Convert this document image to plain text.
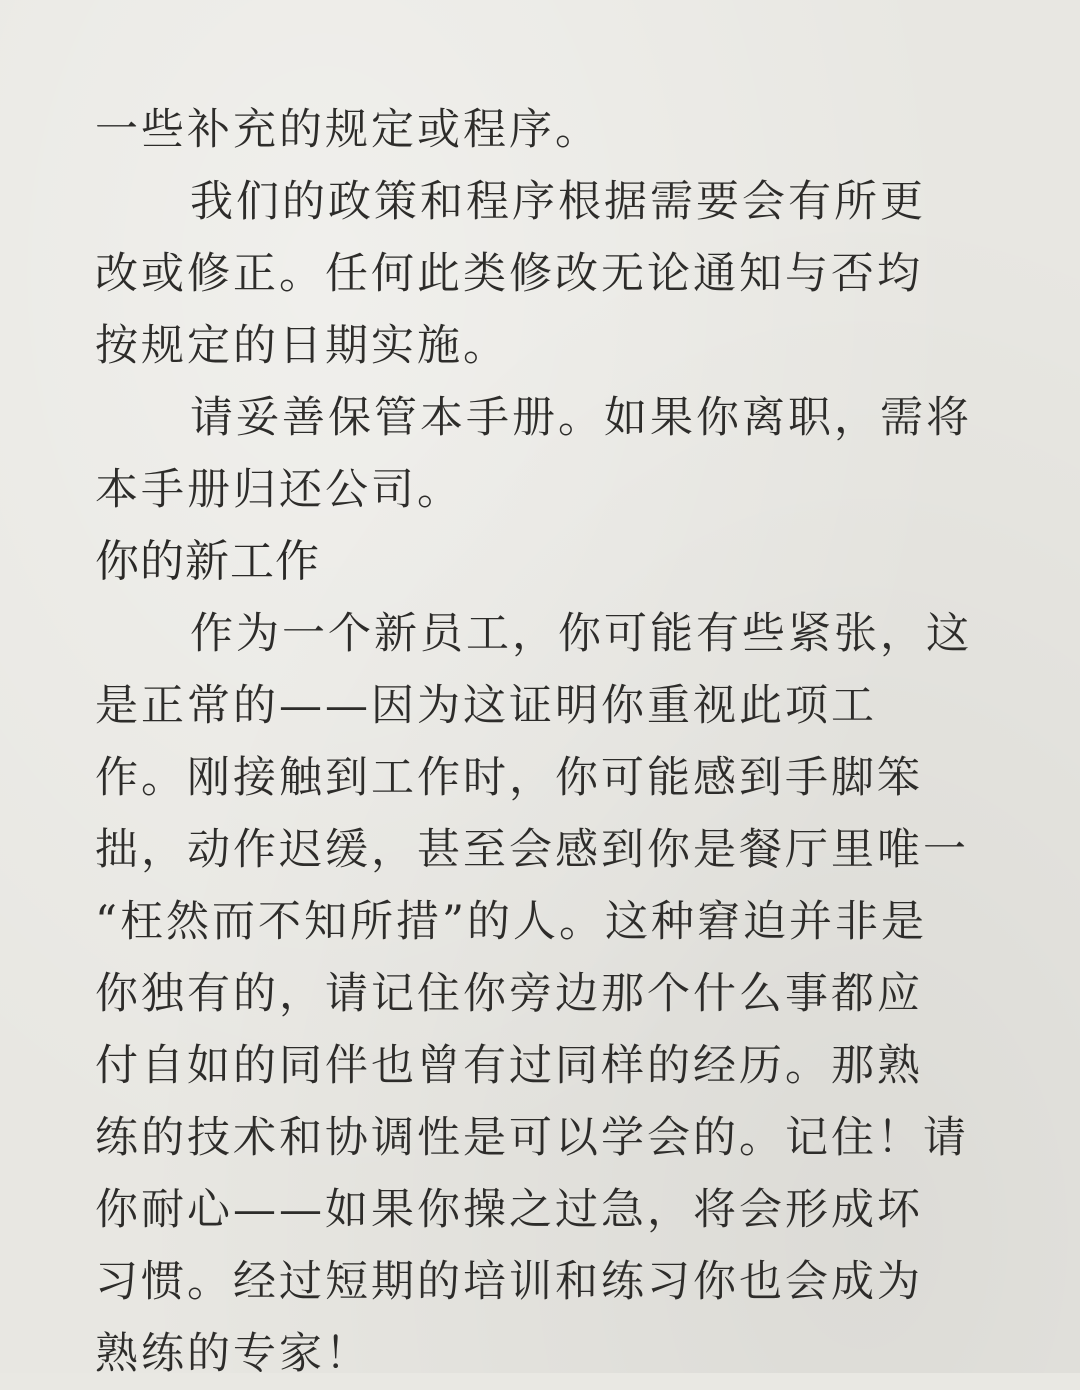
一些补充的规定或程序。
我们的政策和程序根据需要会有所更
改或修正。任何此类修改无论通知与否均
按规定的日期实施。
请妥善保管本手册。如果你离职，需将
本手册归还公司。
你的新工作
作为一个新员工，你可能有些紧张，这
是正常的——因为这证明你重视此项工
作。刚接触到工作时，你可能感到手脚笨
拙，动作迟缓，甚至会感到你是餐厅里唯一
“枉然而不知所措”的人。这种窘迫并非是
你独有的，请记住你旁边那个什么事都应
付自如的同伴也曾有过同样的经历。那熟
练的技术和协调性是可以学会的。记住！请
你耐心——如果你操之过急，将会形成坏
习惯。经过短期的培训和练习你也会成为
熟练的专家！
